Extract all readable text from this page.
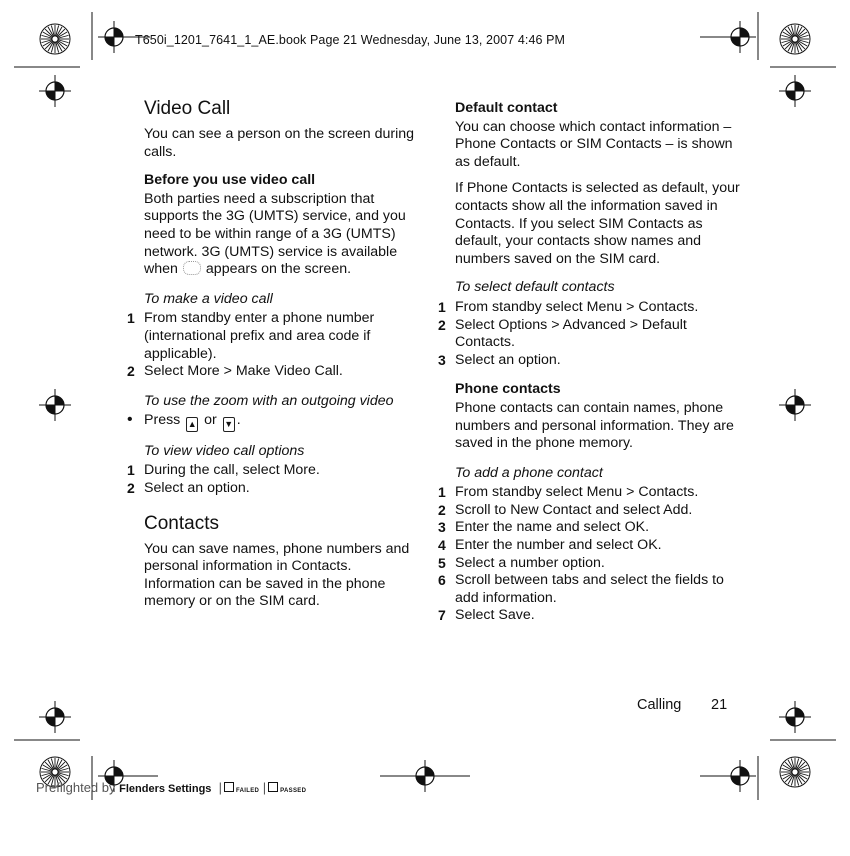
T650i_1201_7641_1_AE.book Page 21 Wednesday, June 13, 2007 4:46 PM
Video Call

You can see a person on the screen during calls.

Before you use video call

Both parties need a subscription that supports the 3G (UMTS) service, and you need to be within range of a 3G (UMTS) network. 3G (UMTS) service is available when appears on the screen.

To make a video call
1 From standby enter a phone number (international prefix and area code if applicable).
2 Select More > Make Video Call.
To use the zoom with an outgoing video
• Press ▲ or ▼ .
To view video call options
1 During the call, select More.
2 Select an option.
Contacts

You can save names, phone numbers and personal information in Contacts. Information can be saved in the phone memory or on the SIM card.

Default contact

You can choose which contact information – Phone Contacts or SIM Contacts – is shown as default.

If Phone Contacts is selected as default, your contacts show all the information saved in Contacts. If you select SIM Contacts as default, your contacts show names and numbers saved on the SIM card.

To select default contacts
1 From standby select Menu > Contacts.
2 Select Options > Advanced > Default Contacts.
3 Select an option.
Phone contacts

Phone contacts can contain names, phone numbers and personal information. They are saved in the phone memory.

To add a phone contact
1 From standby select Menu > Contacts.
2 Scroll to New Contact and select Add.
3 Enter the name and select OK.
4 Enter the number and select OK.
5 Select a number option.
6 Scroll between tabs and select the fields to add information.
7 Select Save.
Calling 21
Preflighted by Flenders Settings  | FAILED | PASSED
